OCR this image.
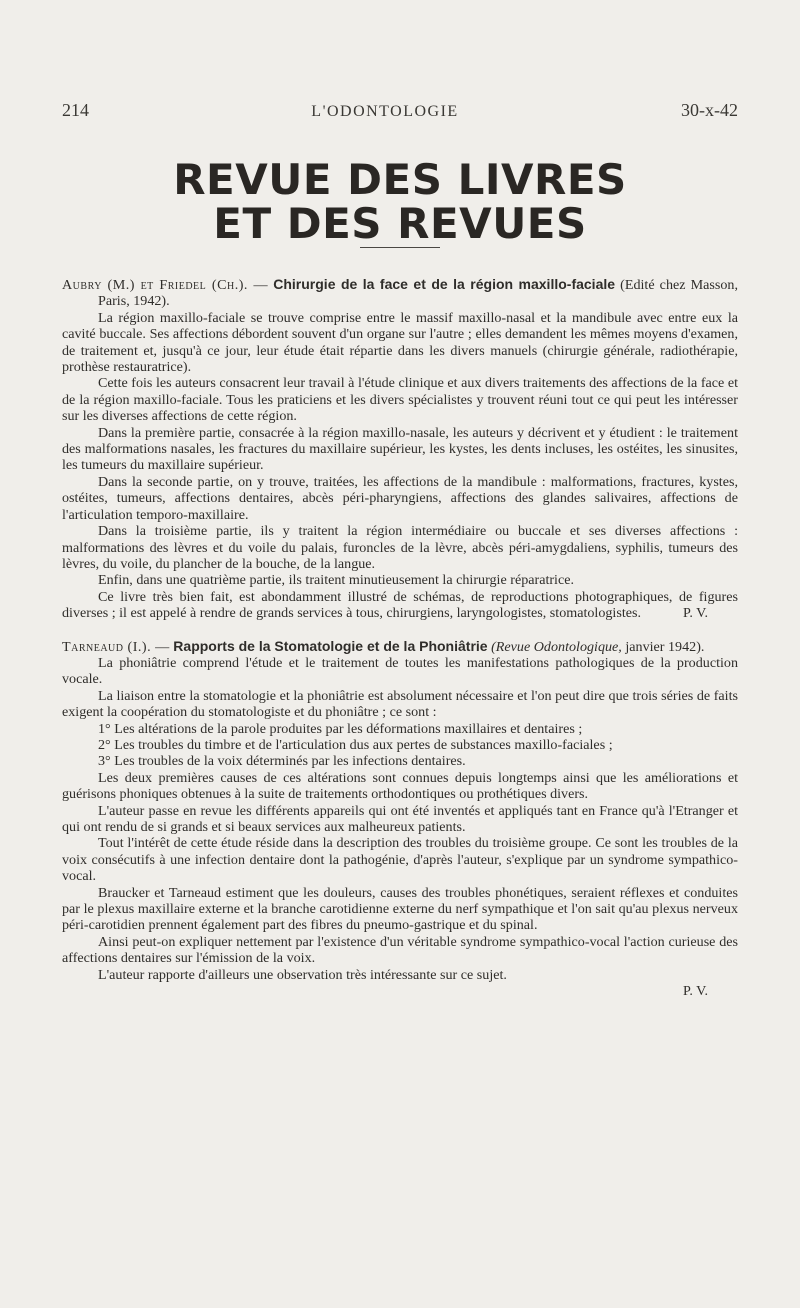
214	L'ODONTOLOGIE	30-x-42
REVUE DES LIVRES
ET DES REVUES

Aubry (M.) et Friedel (Ch.). — Chirurgie de la face et de la région maxillo-faciale (Edité chez Masson, Paris, 1942).

La région maxillo-faciale se trouve comprise entre le massif maxillo-nasal et la mandibule avec entre eux la cavité buccale. Ses affections débordent souvent d'un organe sur l'autre ; elles demandent les mêmes moyens d'examen, de traitement et, jusqu'à ce jour, leur étude était répartie dans les divers manuels (chirurgie générale, radiothérapie, prothèse restauratrice).

Cette fois les auteurs consacrent leur travail à l'étude clinique et aux divers traitements des affections de la face et de la région maxillo-faciale. Tous les praticiens et les divers spécialistes y trouvent réuni tout ce qui peut les intéresser sur les diverses affections de cette région.

Dans la première partie, consacrée à la région maxillo-nasale, les auteurs y décrivent et y étudient : le traitement des malformations nasales, les fractures du maxillaire supérieur, les kystes, les dents incluses, les ostéites, les sinusites, les tumeurs du maxillaire supérieur.

Dans la seconde partie, on y trouve, traitées, les affections de la mandibule : malformations, fractures, kystes, ostéites, tumeurs, affections dentaires, abcès péri-pharyngiens, affections des glandes salivaires, affections de l'articulation temporo-maxillaire.

Dans la troisième partie, ils y traitent la région intermédiaire ou buccale et ses diverses affections : malformations des lèvres et du voile du palais, furoncles de la lèvre, abcès péri-amygdaliens, syphilis, tumeurs des lèvres, du voile, du plancher de la bouche, de la langue.

Enfin, dans une quatrième partie, ils traitent minutieusement la chirurgie réparatrice.

Ce livre très bien fait, est abondamment illustré de schémas, de reproductions photographiques, de figures diverses ; il est appelé à rendre de grands services à tous, chirurgiens, laryngologistes, stomatologistes.	P. V.

Tarneaud (I.). — Rapports de la Stomatologie et de la Phoniâtrie (Revue Odontologique, janvier 1942).

La phoniâtrie comprend l'étude et le traitement de toutes les manifestations pathologiques de la production vocale.

La liaison entre la stomatologie et la phoniâtrie est absolument nécessaire et l'on peut dire que trois séries de faits exigent la coopération du stomatologiste et du phoniâtre ; ce sont :

1° Les altérations de la parole produites par les déformations maxillaires et dentaires ;

2° Les troubles du timbre et de l'articulation dus aux pertes de substances maxillo-faciales ;

3° Les troubles de la voix déterminés par les infections dentaires.

Les deux premières causes de ces altérations sont connues depuis longtemps ainsi que les améliorations et guérisons phoniques obtenues à la suite de traitements orthodontiques ou prothétiques divers.

L'auteur passe en revue les différents appareils qui ont été inventés et appliqués tant en France qu'à l'Etranger et qui ont rendu de si grands et si beaux services aux malheureux patients.

Tout l'intérêt de cette étude réside dans la description des troubles du troisième groupe. Ce sont les troubles de la voix consécutifs à une infection dentaire dont la pathogénie, d'après l'auteur, s'explique par un syndrome sympathico-vocal.

Braucker et Tarneaud estiment que les douleurs, causes des troubles phonétiques, seraient réflexes et conduites par le plexus maxillaire externe et la branche carotidienne externe du nerf sympathique et l'on sait qu'au plexus nerveux péri-carotidien prennent également part des fibres du pneumo-gastrique et du spinal.

Ainsi peut-on expliquer nettement par l'existence d'un véritable syndrome sympathico-vocal l'action curieuse des affections dentaires sur l'émission de la voix.

L'auteur rapporte d'ailleurs une observation très intéressante sur ce sujet.

P. V.
